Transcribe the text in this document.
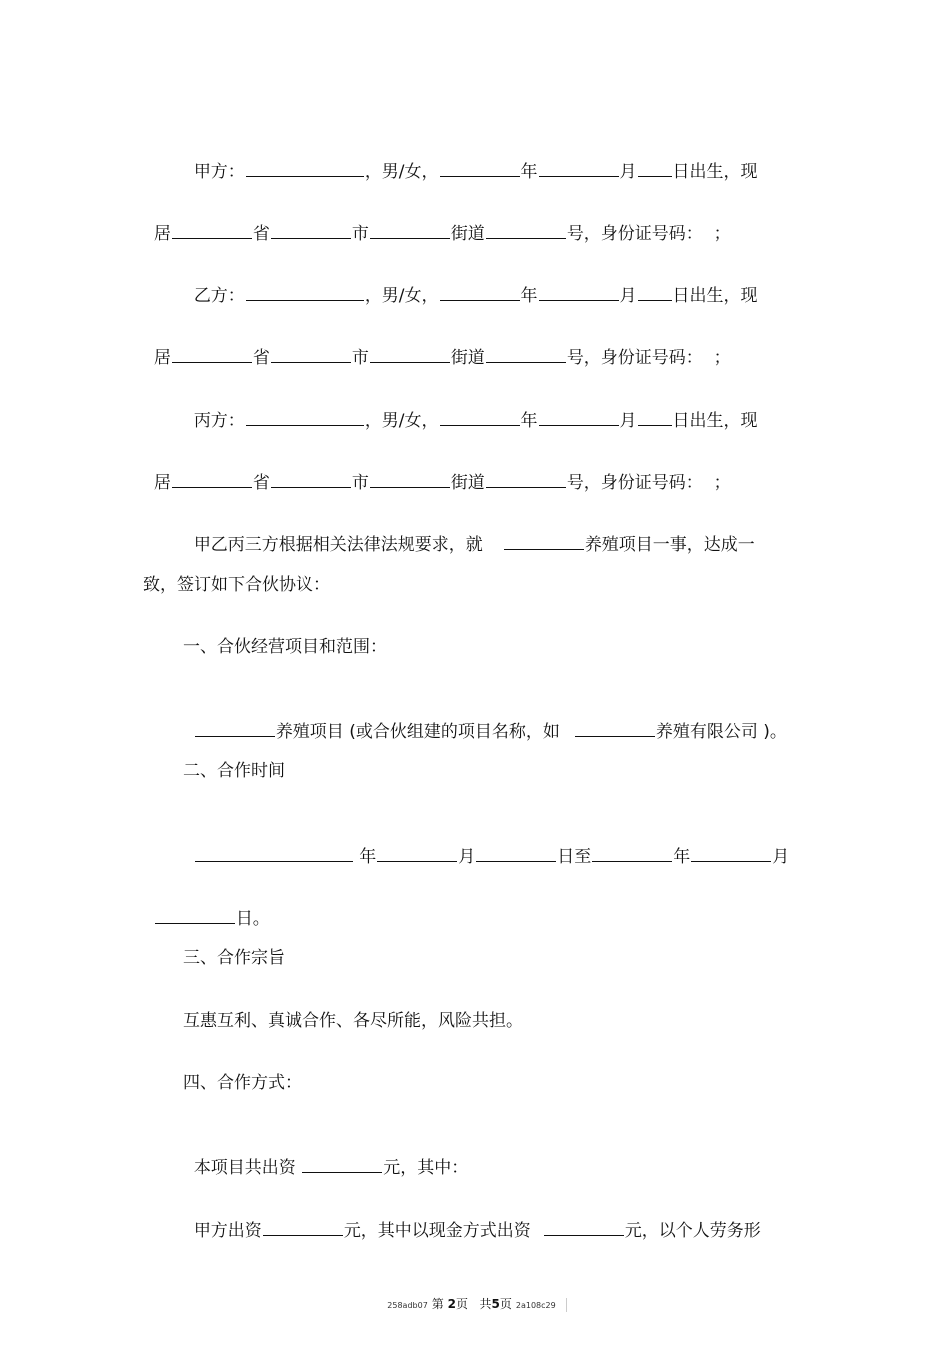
甲方：	，男/女，	年	月 日出生，现

居	省	市	街道	号，身份证号码：  ；

乙方：	，男/女，	年	月 日出生，现

居	省	市	街道	号，身份证号码：  ；

丙方：	，男/女，	年	月 日出生，现

居	省	市	街道	号，身份证号码：  ；

甲乙丙三方根据相关法律法规要求，就	养殖项目一事，达成一

致，签订如下合伙协议：
一、合伙经营项目和范围：

养殖项目 (或合伙组建的项目名称，如	养殖有限公司 )。

二、合作时间

年	月	日至	年	月

日。

三、合作宗旨
互惠互利、真诚合作、各尽所能，风险共担。
四、合作方式：

本项目共出资	元，其中：

甲方出资	元，其中以现金方式出资	元，以个人劳务形

258adb07 第 2页 共5页 2a108c29
